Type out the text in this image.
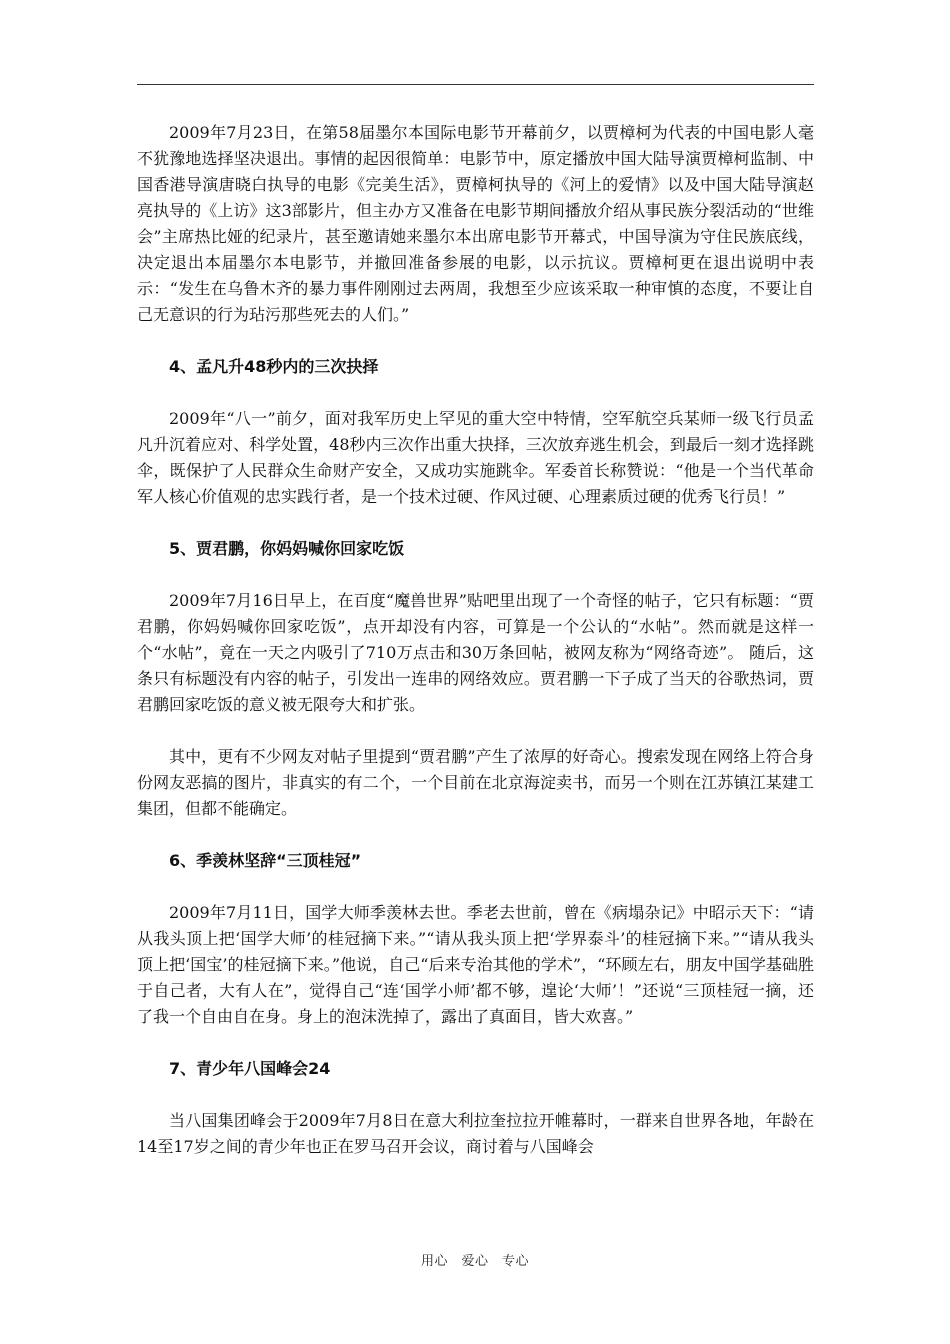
2009年7月23日，在第58届墨尔本国际电影节开幕前夕，以贾樟柯为代表的中国电影人毫不犹豫地选择坚决退出。事情的起因很简单：电影节中，原定播放中国大陆导演贾樟柯监制、中国香港导演唐晓白执导的电影《完美生活》，贾樟柯执导的《河上的爱情》以及中国大陆导演赵亮执导的《上访》这3部影片，但主办方又准备在电影节期间播放介绍从事民族分裂活动的“世维会”主席热比娅的纪录片，甚至邀请她来墨尔本出席电影节开幕式，中国导演为守住民族底线，决定退出本届墨尔本电影节，并撤回准备参展的电影，以示抗议。贾樟柯更在退出说明中表示：“发生在乌鲁木齐的暴力事件刚刚过去两周，我想至少应该采取一种审慎的态度，不要让自己无意识的行为玷污那些死去的人们。”

4、孟凡升48秒内的三次抉择

2009年“八一”前夕，面对我军历史上罕见的重大空中特情，空军航空兵某师一级飞行员孟凡升沉着应对、科学处置，48秒内三次作出重大抉择，三次放弃逃生机会，到最后一刻才选择跳伞，既保护了人民群众生命财产安全，又成功实施跳伞。军委首长称赞说：“他是一个当代革命军人核心价值观的忠实践行者，是一个技术过硬、作风过硬、心理素质过硬的优秀飞行员！”

5、贾君鹏，你妈妈喊你回家吃饭

2009年7月16日早上，在百度“魔兽世界”贴吧里出现了一个奇怪的帖子，它只有标题：“贾君鹏，你妈妈喊你回家吃饭”，点开却没有内容，可算是一个公认的“水帖”。然而就是这样一个“水帖”，竟在一天之内吸引了710万点击和30万条回帖，被网友称为“网络奇迹”。 随后，这条只有标题没有内容的帖子，引发出一连串的网络效应。贾君鹏一下子成了当天的谷歌热词，贾君鹏回家吃饭的意义被无限夸大和扩张。

其中，更有不少网友对帖子里提到“贾君鹏”产生了浓厚的好奇心。搜索发现在网络上符合身份网友恶搞的图片，非真实的有二个，一个目前在北京海淀卖书，而另一个则在江苏镇江某建工集团，但都不能确定。

6、季羡林坚辞“三顶桂冠”

2009年7月11日，国学大师季羡林去世。季老去世前，曾在《病塌杂记》中昭示天下：“请从我头顶上把‘国学大师’的桂冠摘下来。”“请从我头顶上把‘学界泰斗’的桂冠摘下来。”“请从我头顶上把‘国宝’的桂冠摘下来。”他说，自己“后来专治其他的学术”，“环顾左右，朋友中国学基础胜于自己者，大有人在”，觉得自己“连‘国学小师’都不够，遑论‘大师’！”还说“三顶桂冠一摘，还了我一个自由自在身。身上的泡沫洗掉了，露出了真面目，皆大欢喜。”

7、青少年八国峰会24

当八国集团峰会于2009年7月8日在意大利拉奎拉拉开帷幕时，一群来自世界各地，年龄在14至17岁之间的青少年也正在罗马召开会议，商讨着与八国峰会

用心　爱心　专心
